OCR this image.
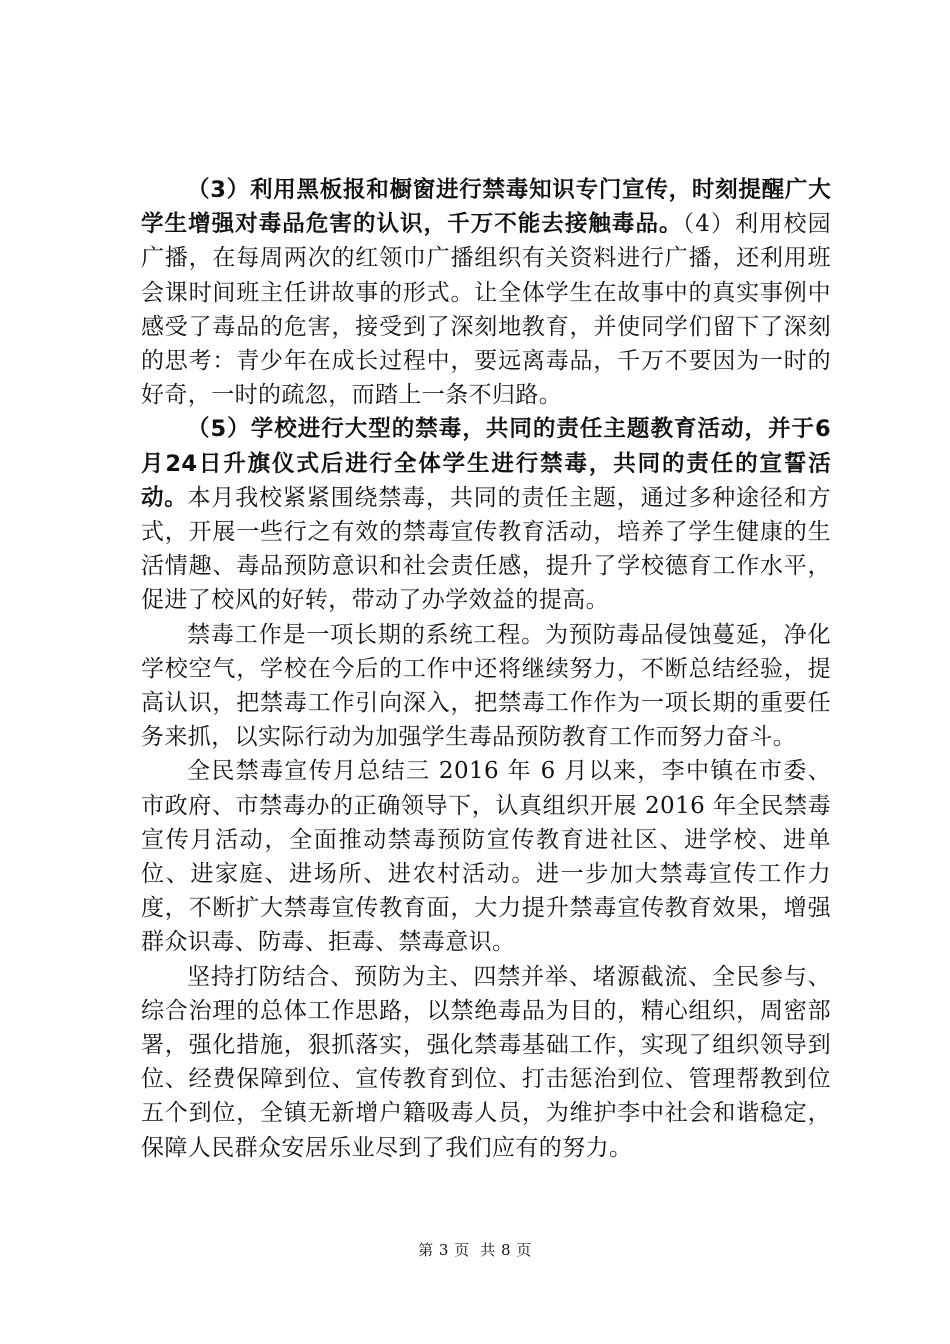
（3）利用黑板报和橱窗进行禁毒知识专门宣传，时刻提醒广大学生增强对毒品危害的认识，千万不能去接触毒品。（4）利用校园广播，在每周两次的红领巾广播组织有关资料进行广播，还利用班会课时间班主任讲故事的形式。让全体学生在故事中的真实事例中感受了毒品的危害，接受到了深刻地教育，并使同学们留下了深刻的思考：青少年在成长过程中，要远离毒品，千万不要因为一时的好奇，一时的疏忽，而踏上一条不归路。

（5）学校进行大型的禁毒，共同的责任主题教育活动，并于6月24日升旗仪式后进行全体学生进行禁毒，共同的责任的宣誓活动。本月我校紧紧围绕禁毒，共同的责任主题，通过多种途径和方式，开展一些行之有效的禁毒宣传教育活动，培养了学生健康的生活情趣、毒品预防意识和社会责任感，提升了学校德育工作水平，促进了校风的好转，带动了办学效益的提高。

禁毒工作是一项长期的系统工程。为预防毒品侵蚀蔓延，净化学校空气，学校在今后的工作中还将继续努力，不断总结经验，提高认识，把禁毒工作引向深入，把禁毒工作作为一项长期的重要任务来抓，以实际行动为加强学生毒品预防教育工作而努力奋斗。

全民禁毒宣传月总结三 2016 年 6 月以来，李中镇在市委、市政府、市禁毒办的正确领导下，认真组织开展 2016 年全民禁毒宣传月活动，全面推动禁毒预防宣传教育进社区、进学校、进单位、进家庭、进场所、进农村活动。进一步加大禁毒宣传工作力度，不断扩大禁毒宣传教育面，大力提升禁毒宣传教育效果，增强群众识毒、防毒、拒毒、禁毒意识。

坚持打防结合、预防为主、四禁并举、堵源截流、全民参与、综合治理的总体工作思路，以禁绝毒品为目的，精心组织，周密部署，强化措施，狠抓落实，强化禁毒基础工作，实现了组织领导到位、经费保障到位、宣传教育到位、打击惩治到位、管理帮教到位五个到位，全镇无新增户籍吸毒人员，为维护李中社会和谐稳定，保障人民群众安居乐业尽到了我们应有的努力。

第 3 页  共 8 页
